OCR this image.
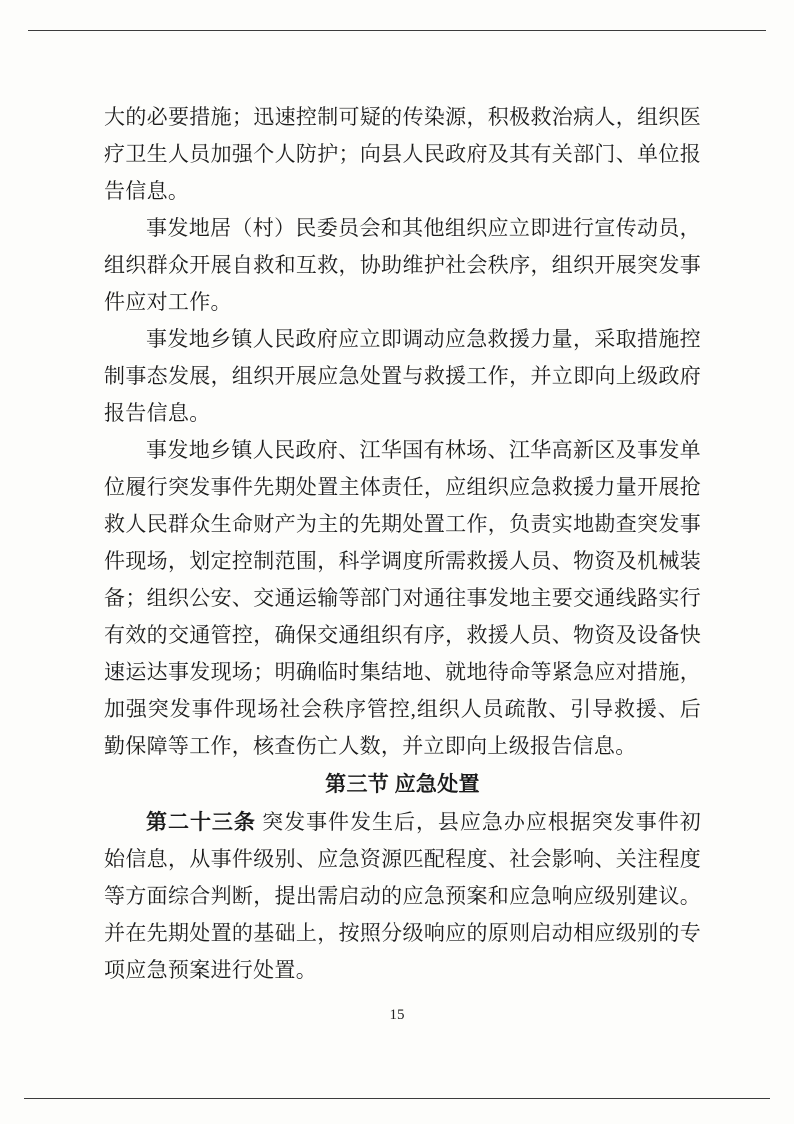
大的必要措施；迅速控制可疑的传染源，积极救治病人，组织医疗卫生人员加强个人防护；向县人民政府及其有关部门、单位报告信息。

事发地居（村）民委员会和其他组织应立即进行宣传动员，组织群众开展自救和互救，协助维护社会秩序，组织开展突发事件应对工作。

事发地乡镇人民政府应立即调动应急救援力量，采取措施控制事态发展，组织开展应急处置与救援工作，并立即向上级政府报告信息。

事发地乡镇人民政府、江华国有林场、江华高新区及事发单位履行突发事件先期处置主体责任，应组织应急救援力量开展抢救人民群众生命财产为主的先期处置工作，负责实地勘查突发事件现场，划定控制范围，科学调度所需救援人员、物资及机械装备；组织公安、交通运输等部门对通往事发地主要交通线路实行有效的交通管控，确保交通组织有序，救援人员、物资及设备快速运达事发现场；明确临时集结地、就地待命等紧急应对措施，加强突发事件现场社会秩序管控,组织人员疏散、引导救援、后勤保障等工作，核查伤亡人数，并立即向上级报告信息。

第三节 应急处置

第二十三条 突发事件发生后，县应急办应根据突发事件初始信息，从事件级别、应急资源匹配程度、社会影响、关注程度等方面综合判断，提出需启动的应急预案和应急响应级别建议。并在先期处置的基础上，按照分级响应的原则启动相应级别的专项应急预案进行处置。

15
